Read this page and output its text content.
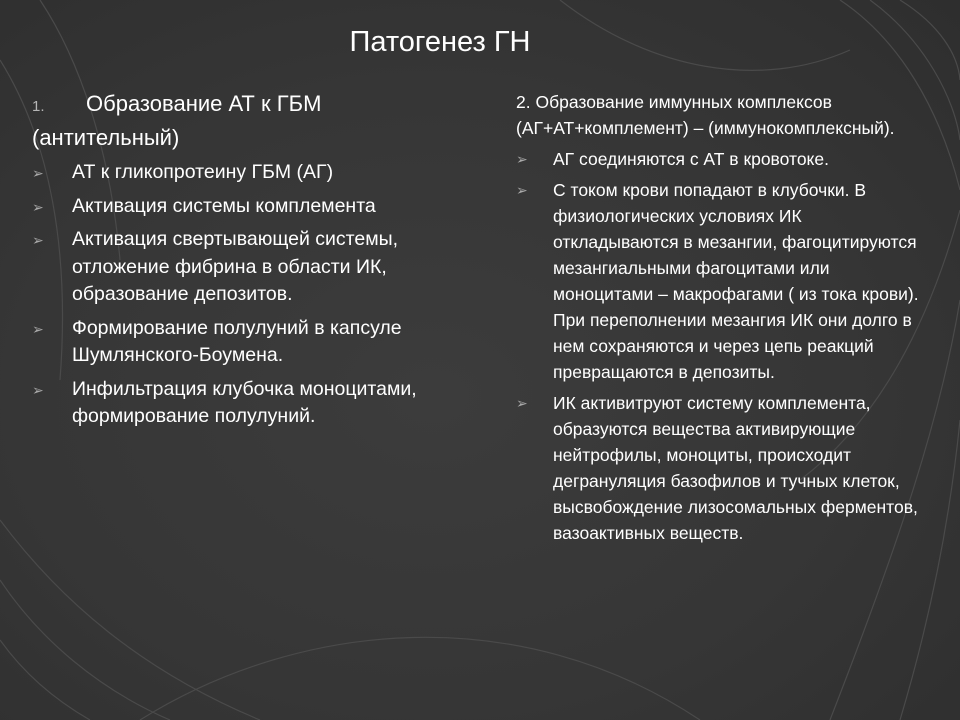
Патогенез ГН

1. Образование АТ к ГБМ (антительный)

➢ АТ к гликопротеину ГБМ (АГ)
➢ Активация системы комплемента
➢ Активация свертывающей системы, отложение фибрина в области ИК, образование депозитов.
➢ Формирование полулуний в капсуле Шумлянского-Боумена.
➢ Инфильтрация клубочка моноцитами, формирование полулуний.

2. Образование иммунных комплексов (АГ+АТ+комплемент) – (иммунокомплексный).

➢ АГ соединяются с АТ в кровотоке.
➢ С током крови попадают в клубочки. В физиологических условиях ИК откладываются в мезангии, фагоцитируются мезангиальными фагоцитами или моноцитами – макрофагами ( из тока крови). При переполнении мезангия ИК они долго в нем сохраняются и через цепь реакций превращаются в депозиты.
➢ ИК активитруют систему комплемента, образуются вещества активирующие нейтрофилы, моноциты, происходит дегрануляция базофилов и тучных клеток, высвобождение лизосомальных ферментов, вазоактивных веществ.
